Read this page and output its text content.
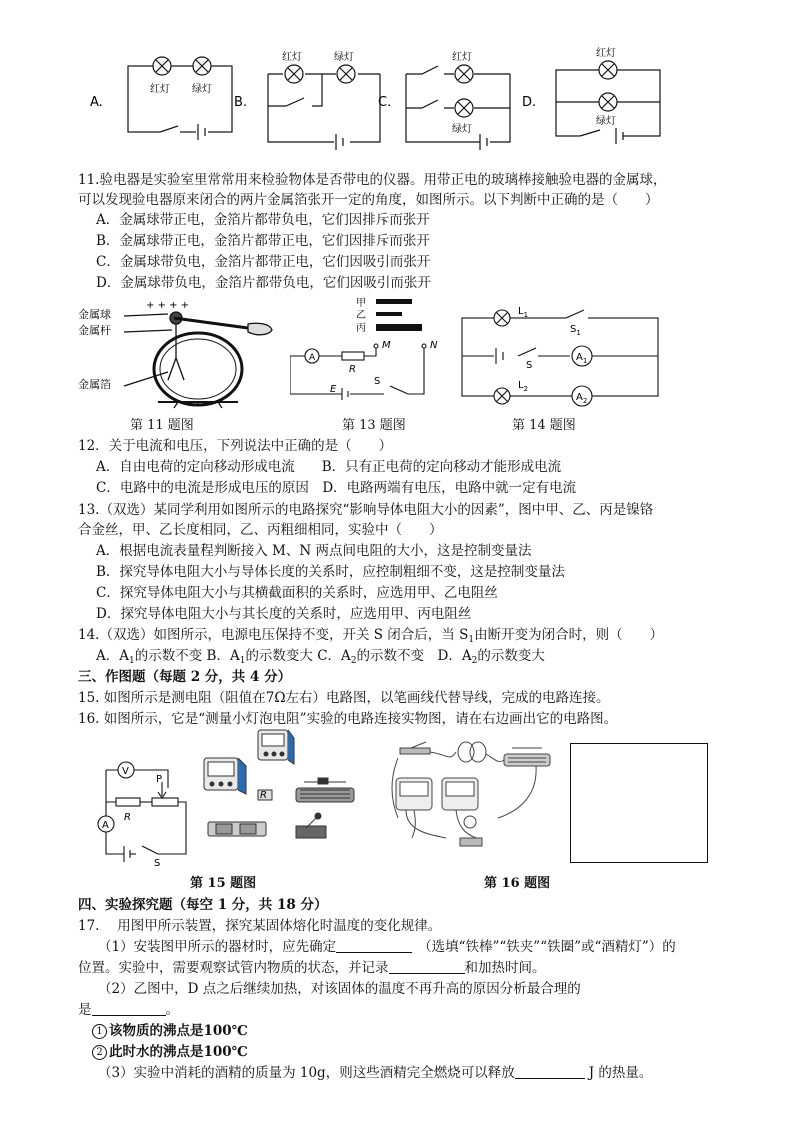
A.	B.	C.	D.
红灯 绿灯
红灯	绿灯	红灯
绿灯
红灯
绿灯
11.验电器是实验室里常常用来检验物体是否带电的仪器。用带正电的玻璃棒接触验电器的金属球，
可以发现验电器原来闭合的两片金属箔张开一定的角度，如图所示。以下判断中正确的是（　　）
A．金属球带正电，金箔片都带负电，它们因排斥而张开
B．金属球带正电，金箔片都带正电，它们因排斥而张开
C．金属球带负电，金箔片都带正电，它们因吸引而张开
D．金属球带负电，金箔片都带负电，它们因吸引而张开
+ + + +
金属球
金属杆
金属箔
第 11 题图
甲
乙
丙
A
R
M	N
E
S
第 13 题图
$L_1$
$S_1$
S
$A_1$
$L_2$
$A_2$
第 14 题图
12．关于电流和电压，下列说法中正确的是（　　）
A．自由电荷的定向移动形成电流　　B．只有正电荷的定向移动才能形成电流
C．电路中的电流是形成电压的原因　D．电路两端有电压，电路中就一定有电流
13.（双选）某同学利用如图所示的电路探究“影响导体电阻大小的因素”，图中甲、乙、丙是镍铬
合金丝，甲、乙长度相同，乙、丙粗细相同，实验中（　　）
A．根据电流表量程判断接入 M、N 两点间电阻的大小，这是控制变量法
B．探究导体电阻大小与导体长度的关系时，应控制粗细不变，这是控制变量法
C．探究导体电阻大小与其横截面积的关系时，应选用甲、乙电阻丝
D．探究导体电阻大小与其长度的关系时，应选用甲、丙电阻丝
14.（双选）如图所示，电源电压保持不变，开关 S 闭合后，当 $S_1$由断开变为闭合时，则（　　）
A．$A_1$的示数不变 B．$A_1$的示数变大 C．$A_2$的示数不变　D．$A_2$的示数变大
三、作图题（每题 2 分，共 4 分）
15. 如图所示是测电阻（阻值在7Ω左右）电路图，以笔画线代替导线，完成的电路连接。
16. 如图所示，它是“测量小灯泡电阻”实验的电路连接实物图，请在右边画出它的电路图。
V
R
P
A
S
R
第 15 题图	第 16 题图
四、实验探究题（每空 1 分，共 18 分）
17.　 用图甲所示装置，探究某固体熔化时温度的变化规律。
（1）安装图甲所示的器材时，应先确定	（选填“铁棒”“铁夹”“铁圈”或“酒精灯”）的
位置。实验中，需要观察试管内物质的状态，并记录	和加热时间。
（2）乙图中，D 点之后继续加热，对该固体的温度不再升高的原因分析最合理的
是	。
1 该物质的沸点是100℃
2 此时水的沸点是100℃
（3）实验中消耗的酒精的质量为 10g，则这些酒精完全燃烧可以释放	J 的热量。
